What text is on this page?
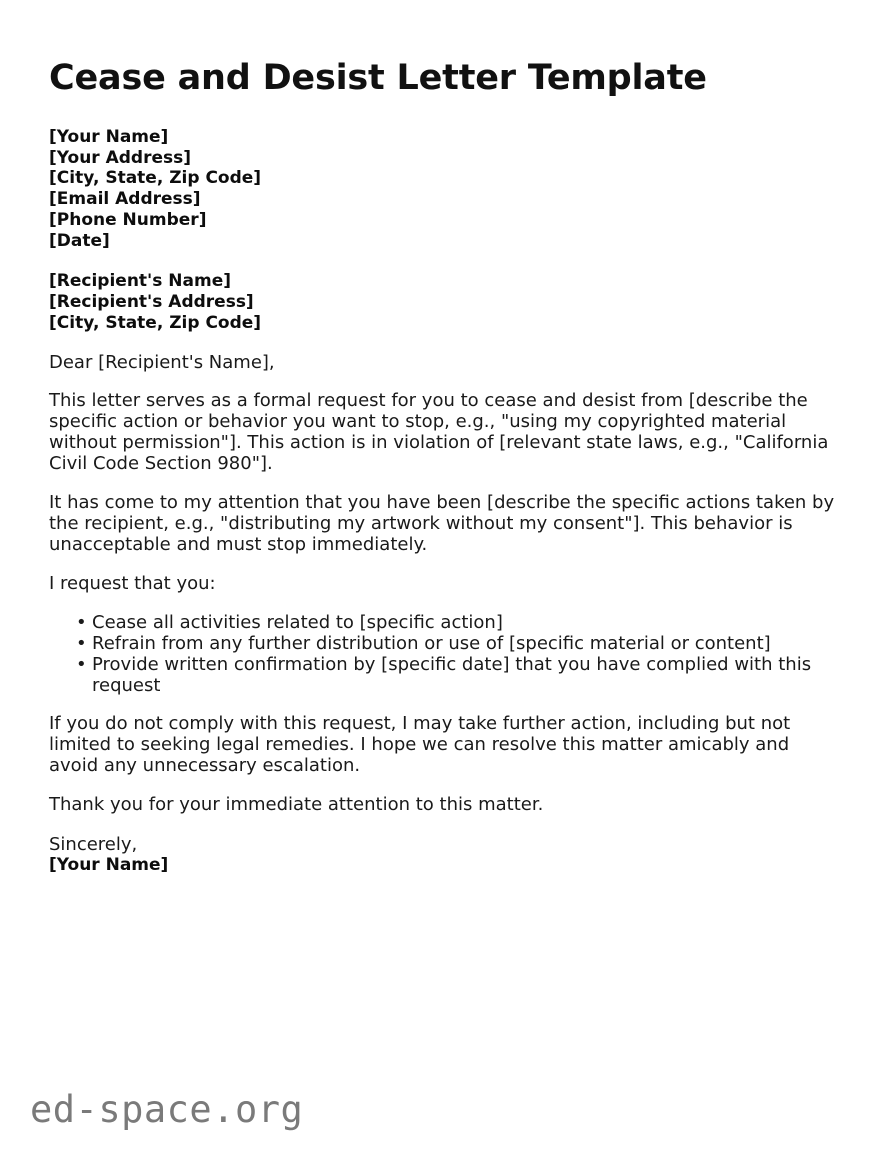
Cease and Desist Letter Template
[Your Name]
[Your Address]
[City, State, Zip Code]
[Email Address]
[Phone Number]
[Date]
[Recipient's Name]
[Recipient's Address]
[City, State, Zip Code]
Dear [Recipient's Name],

This letter serves as a formal request for you to cease and desist from [describe the specific action or behavior you want to stop, e.g., "using my copyrighted material without permission"]. This action is in violation of [relevant state laws, e.g., "California Civil Code Section 980"].

It has come to my attention that you have been [describe the specific actions taken by the recipient, e.g., "distributing my artwork without my consent"]. This behavior is unacceptable and must stop immediately.

I request that you:

• Cease all activities related to [specific action]
• Refrain from any further distribution or use of [specific material or content]
• Provide written confirmation by [specific date] that you have complied with this request

If you do not comply with this request, I may take further action, including but not limited to seeking legal remedies. I hope we can resolve this matter amicably and avoid any unnecessary escalation.

Thank you for your immediate attention to this matter.

Sincerely,
[Your Name]
ed-space.org
